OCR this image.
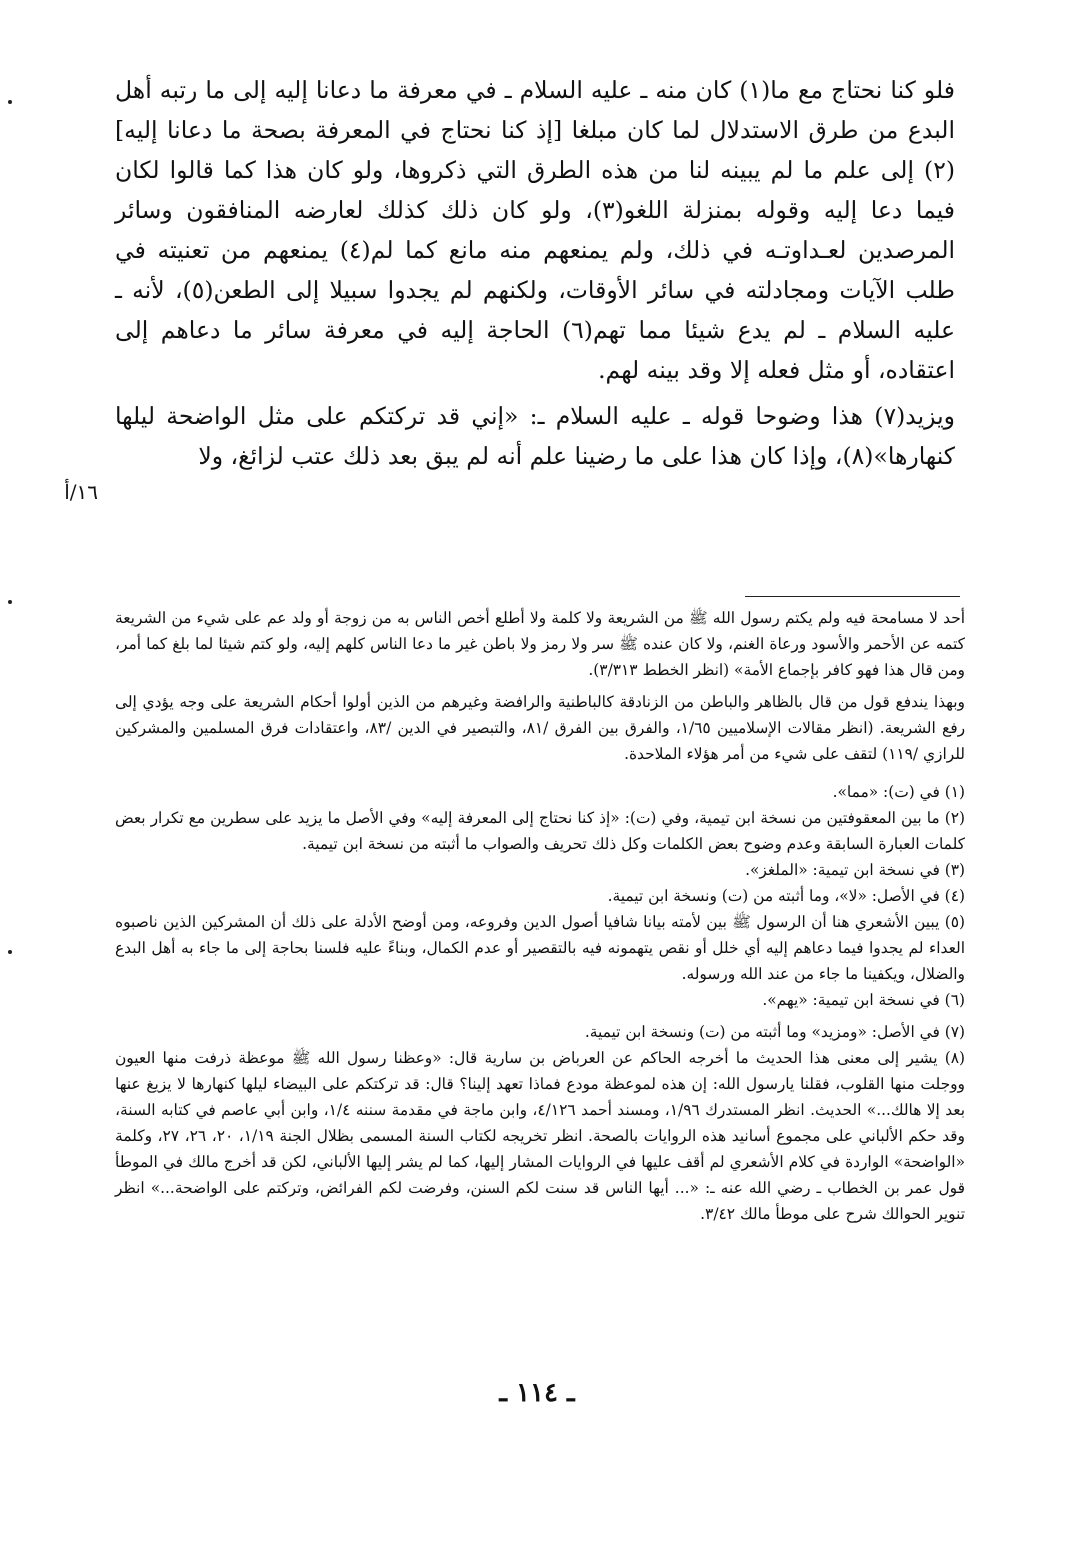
فلو كنا نحتاج مع ما(١) كان منه ـ عليه السلام ـ في معرفة ما دعانا إليه إلى ما رتبه أهل البدع من طرق الاستدلال لما كان مبلغا [إذ كنا نحتاج في المعرفة بصحة ما دعانا إليه](٢) إلى علم ما لم يبينه لنا من هذه الطرق التي ذكروها، ولو كان هذا كما قالوا لكان فيما دعا إليه وقوله بمنزلة اللغو(٣)، ولو كان ذلك كذلك لعارضه المنافقون وسائر المرصدين لعـداوتـه في ذلك، ولم يمنعهم منه مانع كما لم(٤) يمنعهم من تعنيته في طلب الآيات ومجادلته في سائر الأوقات، ولكنهم لم يجدوا سبيلا إلى الطعن(٥)، لأنه ـ عليه السلام ـ لم يدع شيئا مما تهم(٦) الحاجة إليه في معرفة سائر ما دعاهم إلى اعتقاده، أو مثل فعله إلا وقد بينه لهم.

ويزيد(٧) هذا وضوحا قوله ـ عليه السلام ـ: «إني قد تركتكم على مثل الواضحة ليلها كنهارها»(٨)، وإذا كان هذا على ما رضينا علم أنه لم يبق بعد ذلك عتب لزائغ، ولا

١٦/أ

أحد لا مسامحة فيه ولم يكتم رسول الله ﷺ من الشريعة ولا كلمة ولا أطلع أخص الناس به من زوجة أو ولد عم على شيء من الشريعة كتمه عن الأحمر والأسود ورعاة الغنم، ولا كان عنده ﷺ سر ولا رمز ولا باطن غير ما دعا الناس كلهم إليه، ولو كتم شيئا لما بلغ كما أمر، ومن قال هذا فهو كافر بإجماع الأمة» (انظر الخطط ٣/٣١٣).

وبهذا يندفع قول من قال بالظاهر والباطن من الزنادقة كالباطنية والرافضة وغيرهم من الذين أولوا أحكام الشريعة على وجه يؤدي إلى رفع الشريعة. (انظر مقالات الإسلاميين ١/٦٥، والفرق بين الفرق /٨١، والتبصير في الدين /٨٣، واعتقادات فرق المسلمين والمشركين للرازي /١١٩) لتقف على شيء من أمر هؤلاء الملاحدة.

(١) في (ت): «مما».

(٢) ما بين المعقوفتين من نسخة ابن تيمية، وفي (ت): «إذ كنا نحتاج إلى المعرفة إليه» وفي الأصل ما يزيد على سطرين مع تكرار بعض كلمات العبارة السابقة وعدم وضوح بعض الكلمات وكل ذلك تحريف والصواب ما أثبته من نسخة ابن تيمية.

(٣) في نسخة ابن تيمية: «الملغز».

(٤) في الأصل: «لا»، وما أثبته من (ت) ونسخة ابن تيمية.

(٥) يبين الأشعري هنا أن الرسول ﷺ بين لأمته بيانا شافيا أصول الدين وفروعه، ومن أوضح الأدلة على ذلك أن المشركين الذين ناصبوه العداء لم يجدوا فيما دعاهم إليه أي خلل أو نقص يتهمونه فيه بالتقصير أو عدم الكمال، وبناءً عليه فلسنا بحاجة إلى ما جاء به أهل البدع والضلال، ويكفينا ما جاء من عند الله ورسوله.

(٦) في نسخة ابن تيمية: «يهم».

(٧) في الأصل: «ومزيد» وما أثبته من (ت) ونسخة ابن تيمية.

(٨) يشير إلى معنى هذا الحديث ما أخرجه الحاكم عن العرباض بن سارية قال: «وعظنا رسول الله ﷺ موعظة ذرفت منها العيون ووجلت منها القلوب، فقلنا يارسول الله: إن هذه لموعظة مودع فماذا تعهد إلينا؟ قال: قد تركتكم على البيضاء ليلها كنهارها لا يزيغ عنها بعد إلا هالك...» الحديث. انظر المستدرك ١/٩٦، ومسند أحمد ٤/١٢٦، وابن ماجة في مقدمة سننه ١/٤، وابن أبي عاصم في كتابه السنة، وقد حكم الألباني على مجموع أسانيد هذه الروايات بالصحة. انظر تخريجه لكتاب السنة المسمى بظلال الجنة ١/١٩، ٢٠، ٢٦، ٢٧، وكلمة «الواضحة» الواردة في كلام الأشعري لم أقف عليها في الروايات المشار إليها، كما لم يشر إليها الألباني، لكن قد أخرج مالك في الموطأ قول عمر بن الخطاب ـ رضي الله عنه ـ: «... أيها الناس قد سنت لكم السنن، وفرضت لكم الفرائض، وتركتم على الواضحة...» انظر تنوير الحوالك شرح على موطأ مالك ٣/٤٢.

ـ ١١٤ ـ
